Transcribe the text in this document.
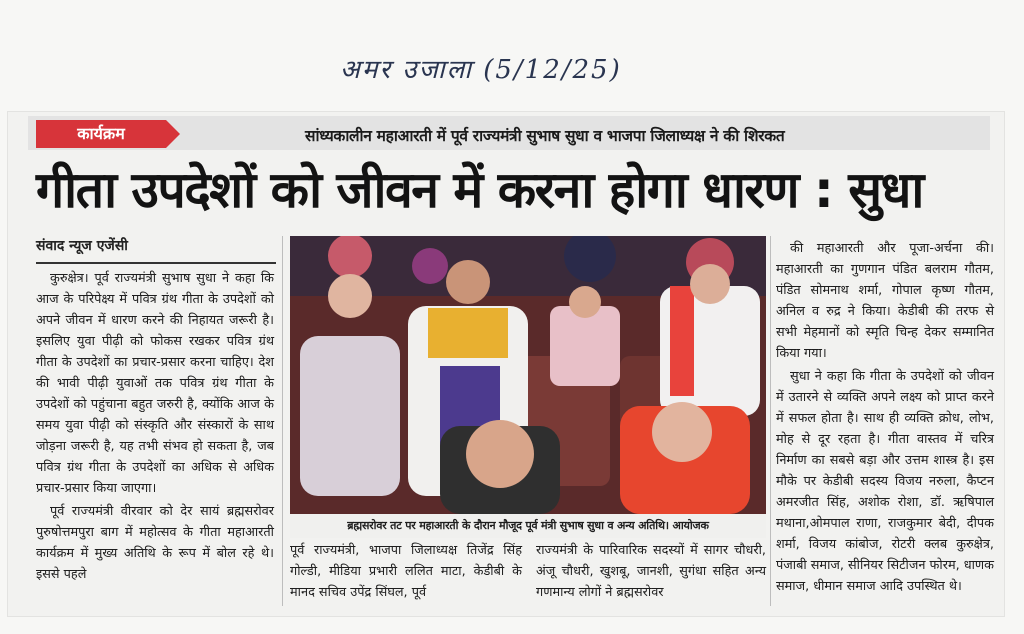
अमर उजाला (5/12/25)
कार्यक्रम	सांध्यकालीन महाआरती में पूर्व राज्यमंत्री सुभाष सुधा व भाजपा जिलाध्यक्ष ने की शिरकत
गीता उपदेशों को जीवन में करना होगा धारण : सुधा
संवाद न्यूज एजेंसी

कुरुक्षेत्र। पूर्व राज्यमंत्री सुभाष सुधा ने कहा कि आज के परिपेक्ष्य में पवित्र ग्रंथ गीता के उपदेशों को अपने जीवन में धारण करने की निहायत जरूरी है। इसलिए युवा पीढ़ी को फोकस रखकर पवित्र ग्रंथ गीता के उपदेशों का प्रचार-प्रसार करना चाहिए। देश की भावी पीढ़ी युवाओं तक पवित्र ग्रंथ गीता के उपदेशों को पहुंचाना बहुत जरुरी है, क्योंकि आज के समय युवा पीढ़ी को संस्कृति और संस्कारों के साथ जोड़ना जरूरी है, यह तभी संभव हो सकता है, जब पवित्र ग्रंथ गीता के उपदेशों का अधिक से अधिक प्रचार-प्रसार किया जाएगा।

पूर्व राज्यमंत्री वीरवार को देर सायं ब्रह्मसरोवर पुरुषोत्तमपुरा बाग में महोत्सव के गीता महाआरती कार्यक्रम में मुख्य अतिथि के रूप में बोल रहे थे। इससे पहले

ब्रह्मसरोवर तट पर महाआरती के दौरान मौजूद पूर्व मंत्री सुभाष सुधा व अन्य अतिथि। आयोजक
पूर्व राज्यमंत्री, भाजपा जिलाध्यक्ष तिजेंद्र सिंह गोल्डी, मीडिया प्रभारी ललित माटा, केडीबी के मानद सचिव उपेंद्र सिंघल, पूर्व
राज्यमंत्री के पारिवारिक सदस्यों में सागर चौधरी, अंजू चौधरी, खुशबू, जानशी, सुगंधा सहित अन्य गणमान्य लोगों ने ब्रह्मसरोवर

की महाआरती और पूजा-अर्चना की। महाआरती का गुणगान पंडित बलराम गौतम, पंडित सोमनाथ शर्मा, गोपाल कृष्ण गौतम, अनिल व रुद्र ने किया। केडीबी की तरफ से सभी मेहमानों को स्मृति चिन्ह देकर सम्मानित किया गया।

सुधा ने कहा कि गीता के उपदेशों को जीवन में उतारने से व्यक्ति अपने लक्ष्य को प्राप्त करने में सफल होता है। साथ ही व्यक्ति क्रोध, लोभ, मोह से दूर रहता है। गीता वास्तव में चरित्र निर्माण का सबसे बड़ा और उत्तम शास्त्र है। इस मौके पर केडीबी सदस्य विजय नरुला, कैप्टन अमरजीत सिंह, अशोक रोशा, डॉ. ऋषिपाल मथाना,ओमपाल राणा, राजकुमार बेदी, दीपक शर्मा, विजय कांबोज, रोटरी क्लब कुरुक्षेत्र, पंजाबी समाज, सीनियर सिटीजन फोरम, धाणक समाज, धीमान समाज आदि उपस्थित थे।
